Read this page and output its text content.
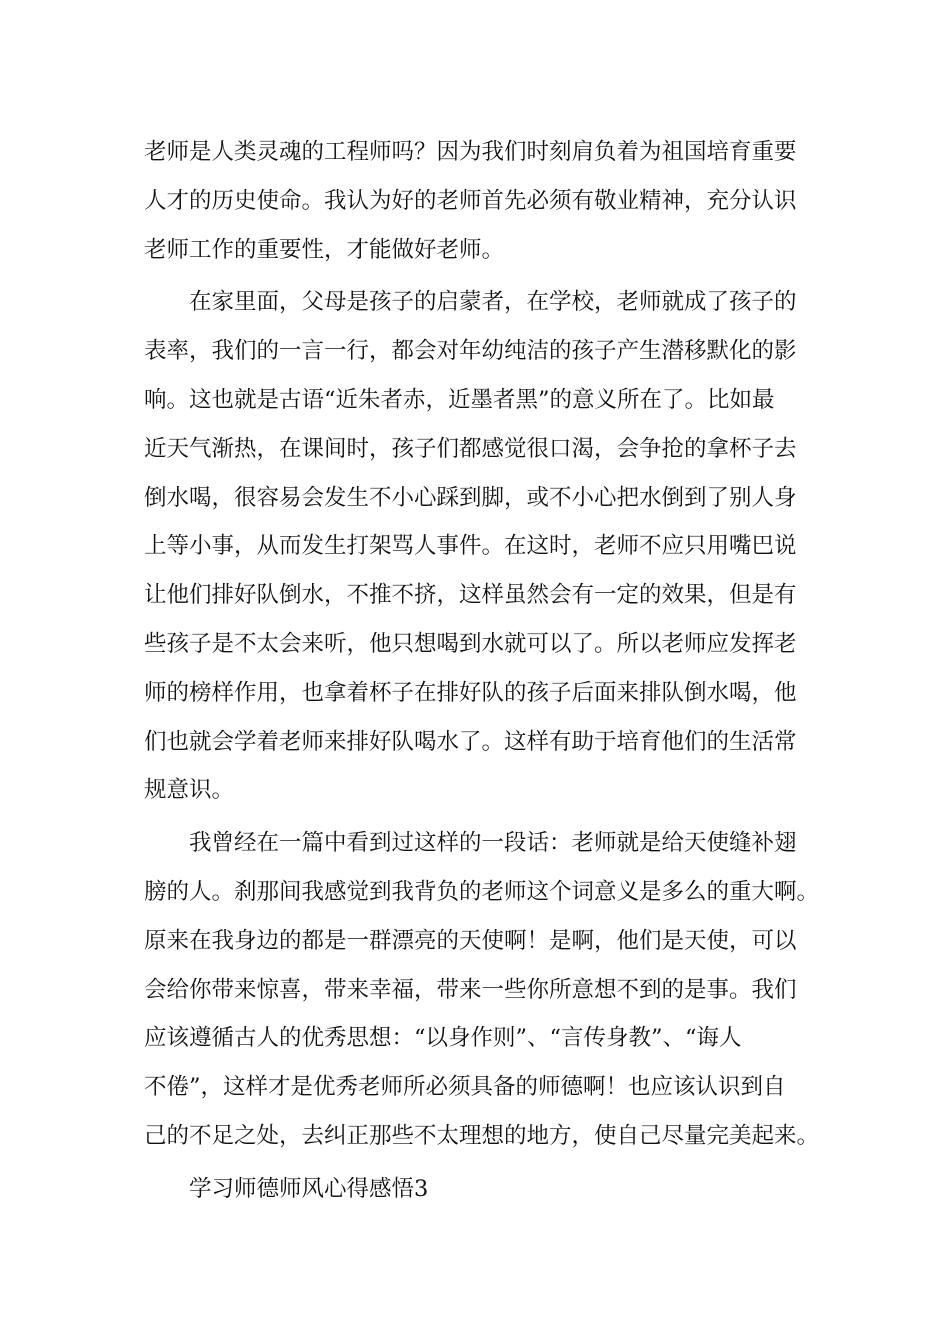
老师是人类灵魂的工程师吗？因为我们时刻肩负着为祖国培育重要
人才的历史使命。我认为好的老师首先必须有敬业精神，充分认识
老师工作的重要性，才能做好老师。
在家里面，父母是孩子的启蒙者，在学校，老师就成了孩子的
表率，我们的一言一行，都会对年幼纯洁的孩子产生潜移默化的影
响。这也就是古语“近朱者赤，近墨者黑”的意义所在了。比如最
近天气渐热，在课间时，孩子们都感觉很口渴，会争抢的拿杯子去
倒水喝，很容易会发生不小心踩到脚，或不小心把水倒到了别人身
上等小事，从而发生打架骂人事件。在这时，老师不应只用嘴巴说
让他们排好队倒水，不推不挤，这样虽然会有一定的效果，但是有
些孩子是不太会来听，他只想喝到水就可以了。所以老师应发挥老
师的榜样作用，也拿着杯子在排好队的孩子后面来排队倒水喝，他
们也就会学着老师来排好队喝水了。这样有助于培育他们的生活常
规意识。
我曾经在一篇中看到过这样的一段话：老师就是给天使缝补翅
膀的人。刹那间我感觉到我背负的老师这个词意义是多么的重大啊。
原来在我身边的都是一群漂亮的天使啊！是啊，他们是天使，可以
会给你带来惊喜，带来幸福，带来一些你所意想不到的是事。我们
应该遵循古人的优秀思想：“以身作则”、“言传身教”、“诲人
不倦”，这样才是优秀老师所必须具备的师德啊！也应该认识到自
己的不足之处，去纠正那些不太理想的地方，使自己尽量完美起来。
学习师德师风心得感悟3
